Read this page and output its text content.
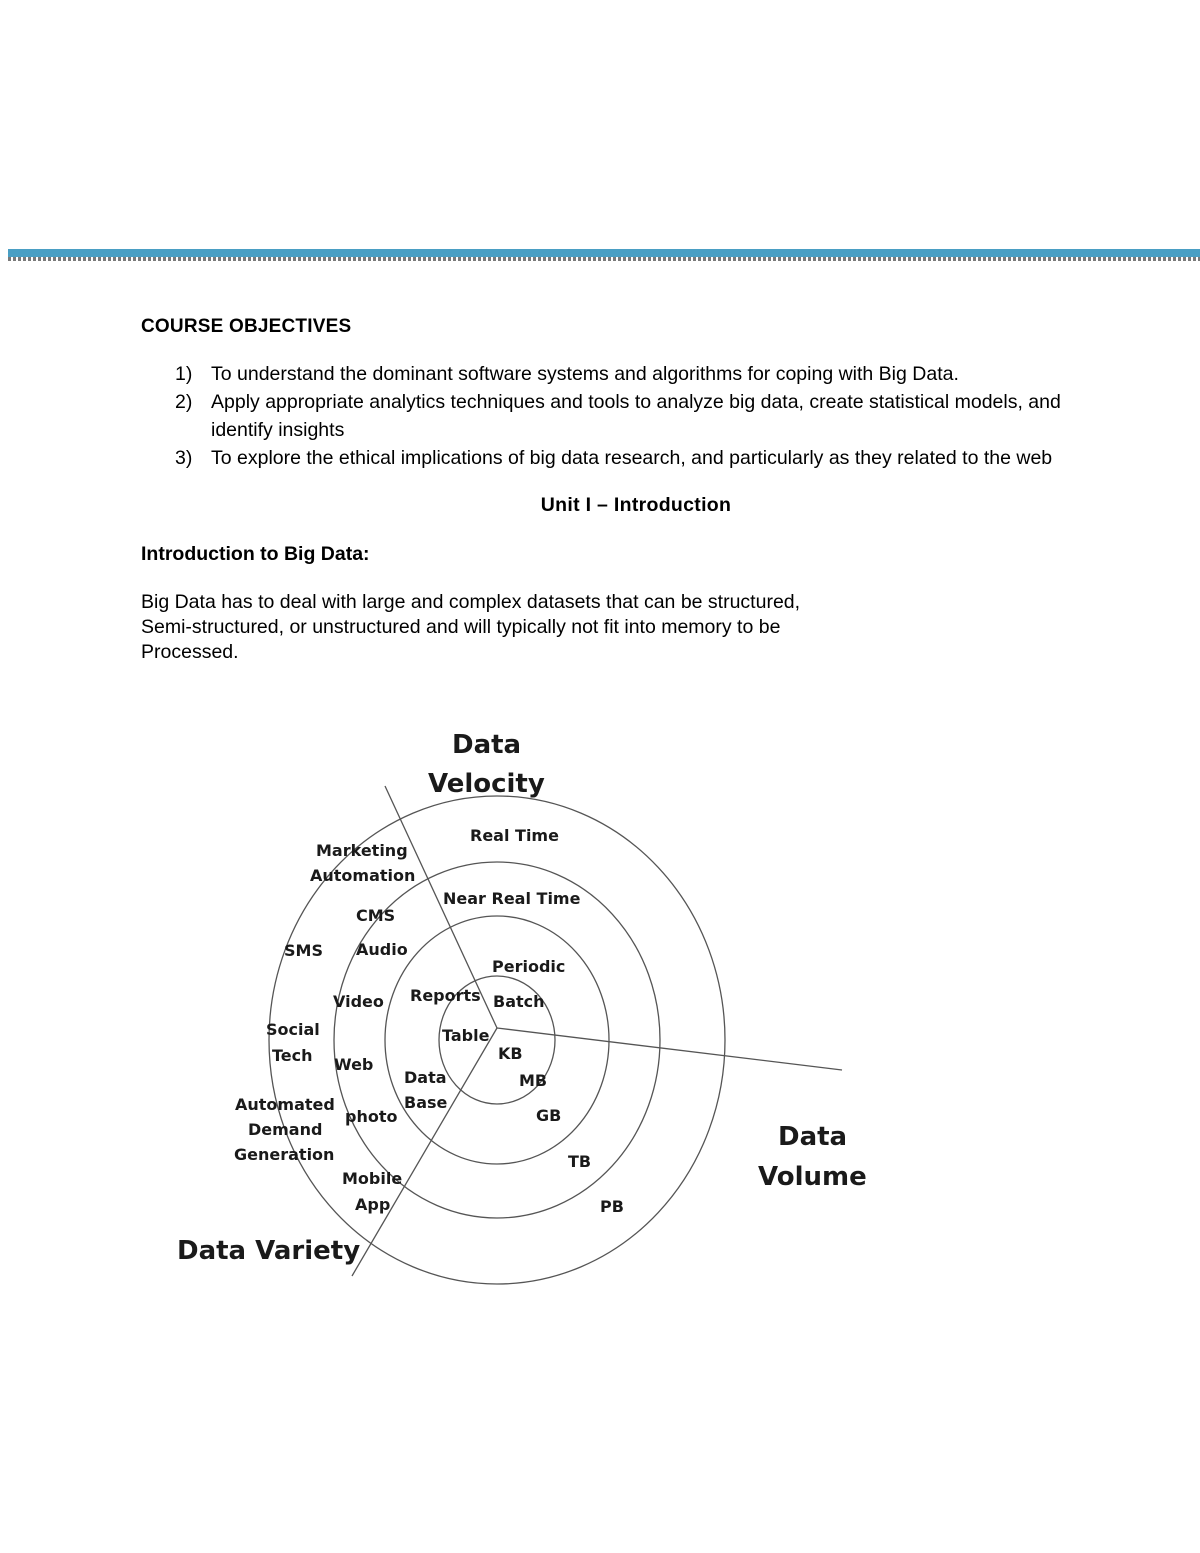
COURSE OBJECTIVES
1) To understand the dominant software systems and algorithms for coping with Big Data.
2) Apply appropriate analytics techniques and tools to analyze big data, create statistical models, and identify insights
3) To explore the ethical implications of big data research, and particularly as they related to the web
Unit I – Introduction
Introduction to Big Data:
Big Data has to deal with large and complex datasets that can be structured,
Semi-structured, or unstructured and will typically not fit into memory to be
Processed.
Data
Velocity
Data
Volume
Data Variety
Real Time
Near Real Time
Periodic
Batch
KB
MB
GB
TB
PB
Table
Reports
Data
Base
Video
Web
photo
Audio
CMS
Mobile
App
SMS
Social
Tech
Automated
Demand
Generation
Marketing
Automation
